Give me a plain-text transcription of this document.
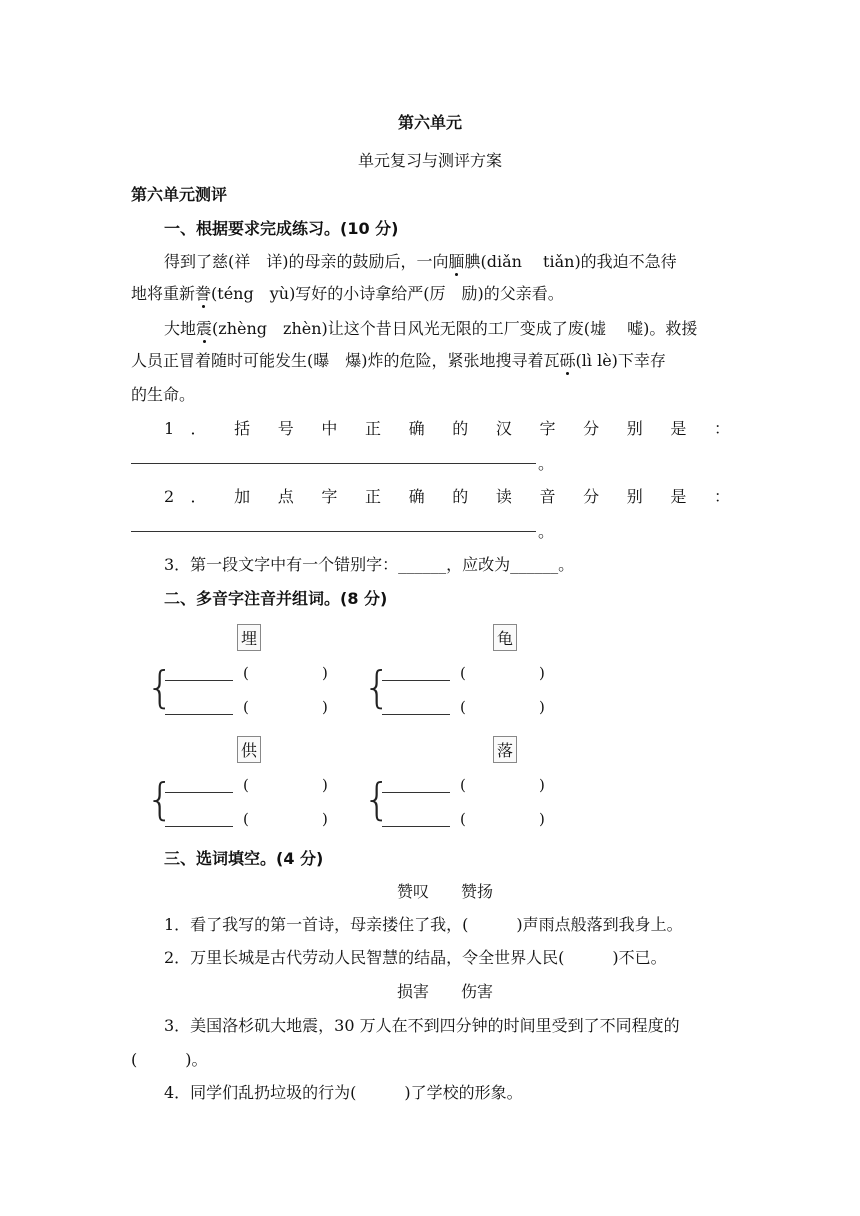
第六单元
单元复习与测评方案
第六单元测评
一、根据要求完成练习。(10 分)
得到了慈(祥　详)的母亲的鼓励后，一向腼腆(diǎn　 tiǎn)的我迫不急待
地将重新誊(téng　yù)写好的小诗拿给严(厉　励)的父亲看。
大地震(zhèng　zhèn)让这个昔日风光无限的工厂变成了废(墟　 嘘)。救援
人员正冒着随时可能发生(曝　爆)炸的危险，紧张地搜寻着瓦砾(lì lè)下幸存
的生命。
1 ． 括 号 中 正 确 的 汉 字 分 别 是 ：
。
2 ． 加 点 字 正 确 的 读 音 分 别 是 ：
。
3．第一段文字中有一个错别字：______，应改为______。
二、多音字注音并组词。(8 分)
埋
{	(	)
(	)
龟
{	(	)
(	)
供
{	(	)
(	)
落
{	(	)
(	)
三、选词填空。(4 分)
赞叹　　赞扬
1．看了我写的第一首诗，母亲搂住了我，(　　　)声雨点般落到我身上。
2．万里长城是古代劳动人民智慧的结晶，令全世界人民(　　　)不已。
损害　　伤害
3．美国洛杉矶大地震，30 万人在不到四分钟的时间里受到了不同程度的
(　　　)。
4．同学们乱扔垃圾的行为(　　　)了学校的形象。
